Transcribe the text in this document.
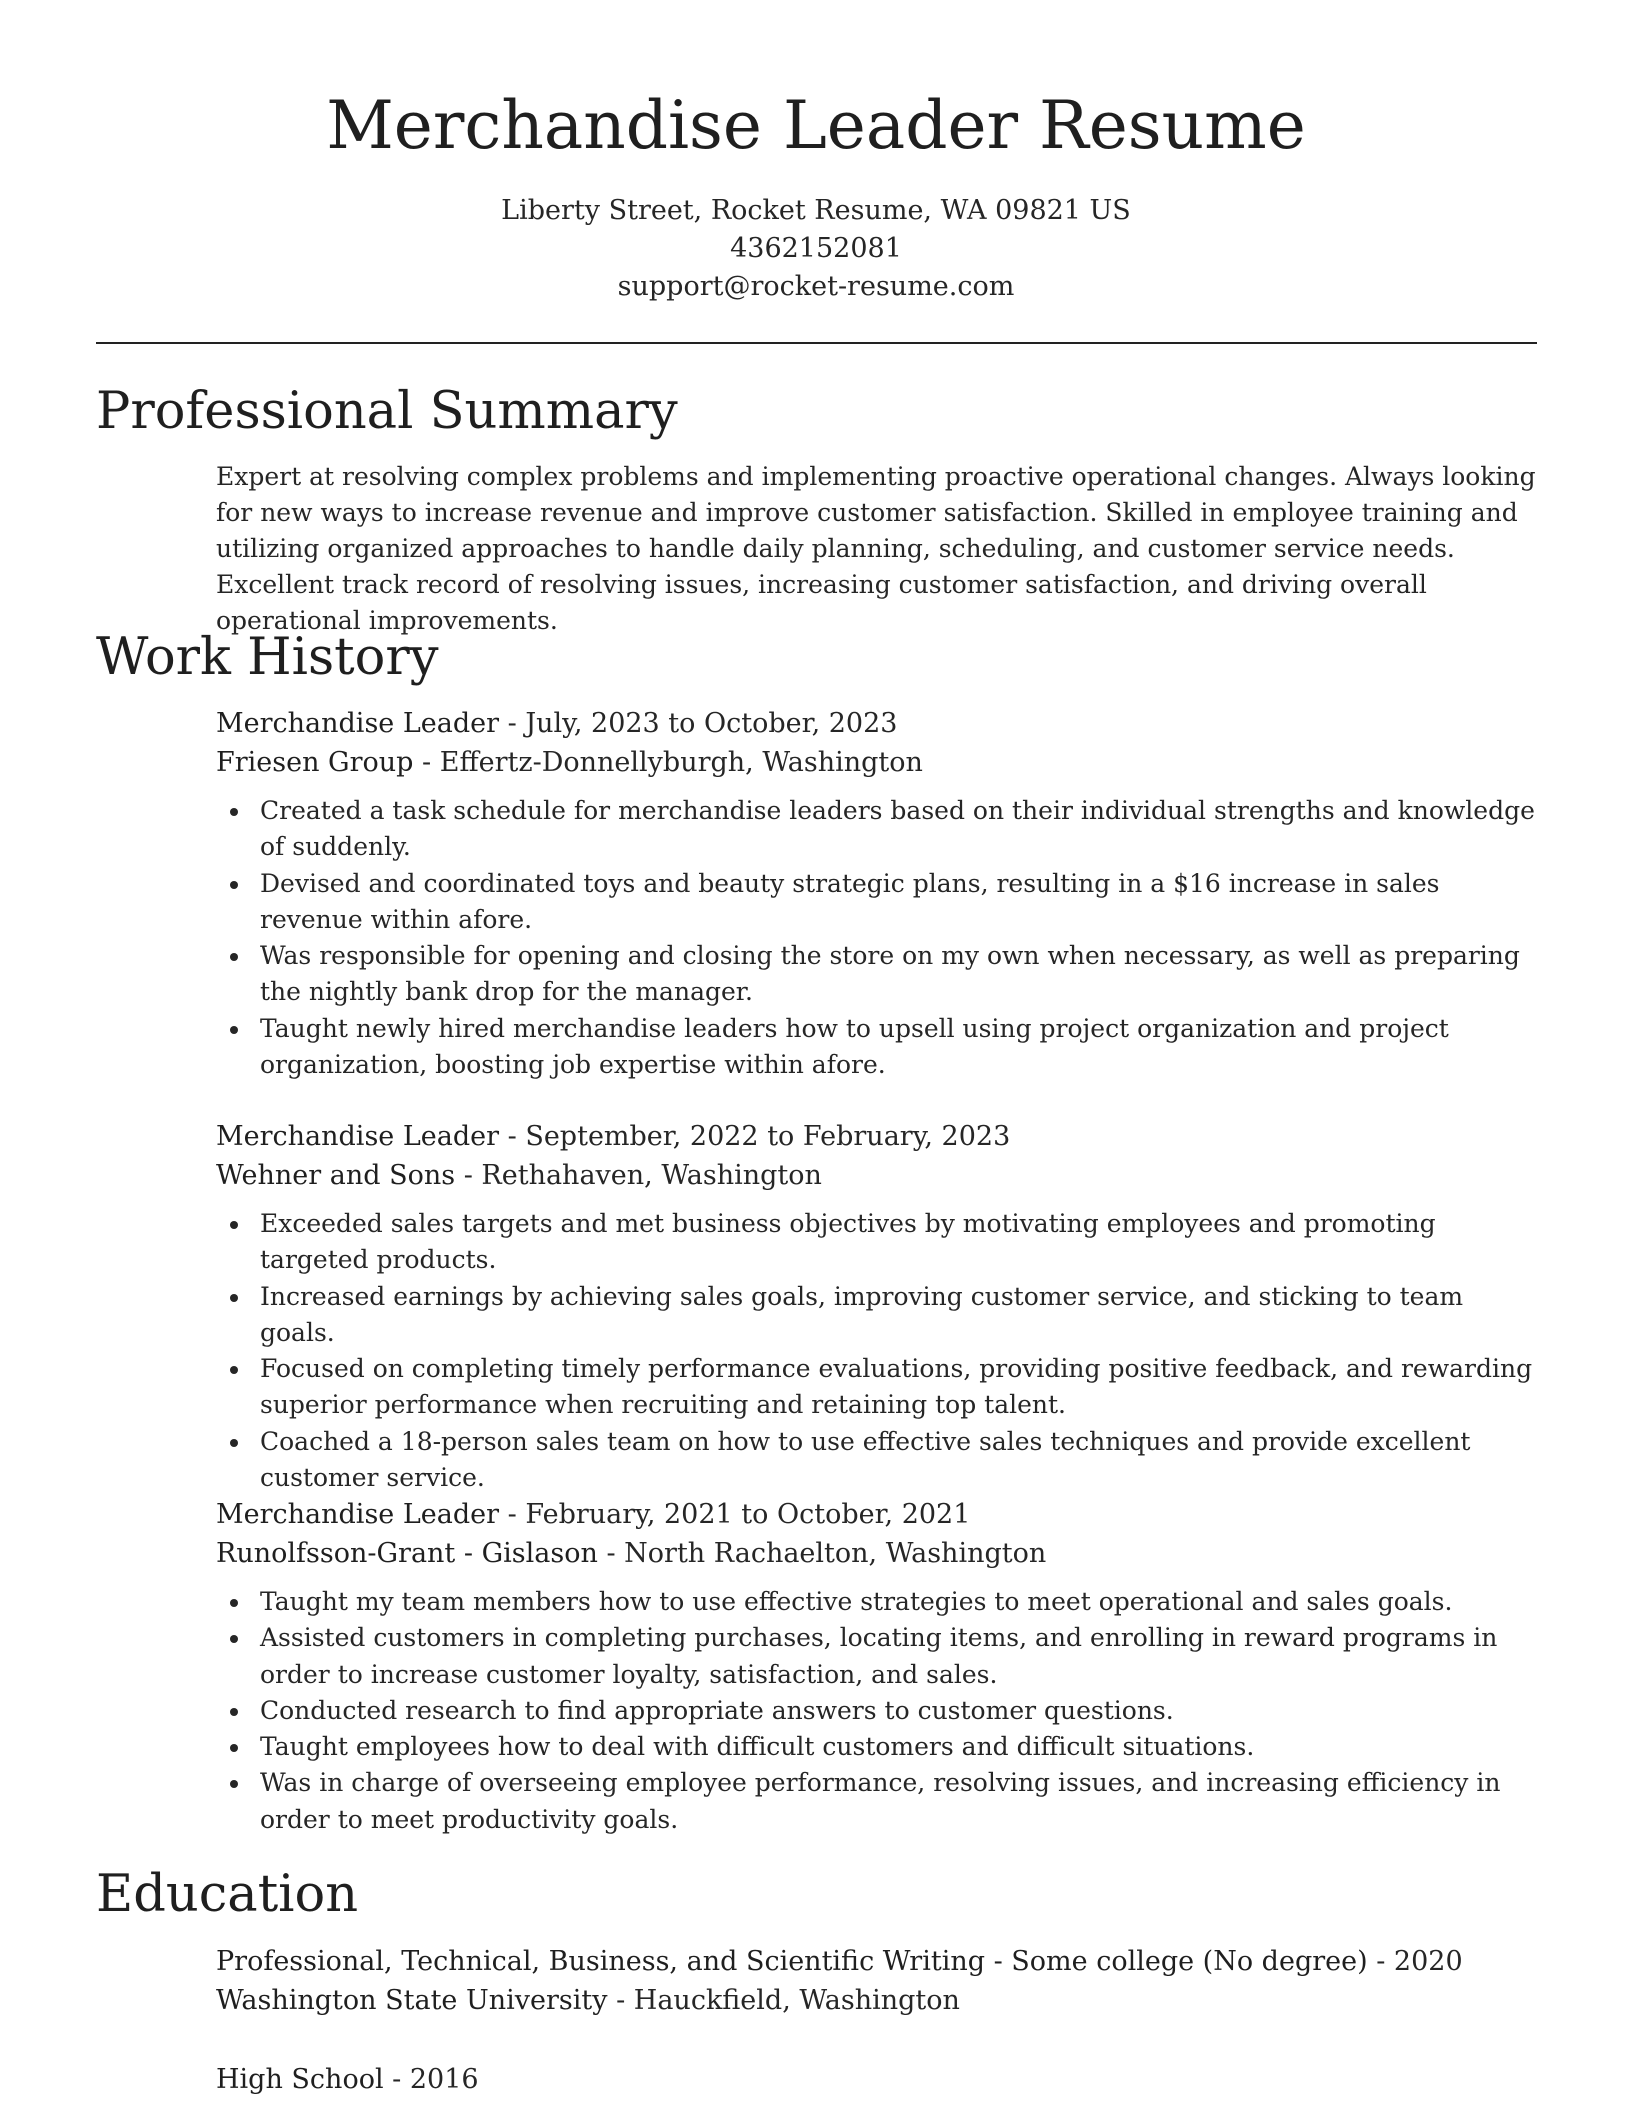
Merchandise Leader Resume
Liberty Street, Rocket Resume, WA 09821 US
4362152081
support@rocket-resume.com
Professional Summary

Expert at resolving complex problems and implementing proactive operational changes. Always looking for new ways to increase revenue and improve customer satisfaction. Skilled in employee training and utilizing organized approaches to handle daily planning, scheduling, and customer service needs. Excellent track record of resolving issues, increasing customer satisfaction, and driving overall operational improvements.

Work History
Merchandise Leader - July, 2023 to October, 2023
Friesen Group - Effertz-Donnellyburgh, Washington
Created a task schedule for merchandise leaders based on their individual strengths and knowledge of suddenly.
Devised and coordinated toys and beauty strategic plans, resulting in a $16 increase in sales revenue within afore.
Was responsible for opening and closing the store on my own when necessary, as well as preparing the nightly bank drop for the manager.
Taught newly hired merchandise leaders how to upsell using project organization and project organization, boosting job expertise within afore.
Merchandise Leader - September, 2022 to February, 2023
Wehner and Sons - Rethahaven, Washington
Exceeded sales targets and met business objectives by motivating employees and promoting targeted products.
Increased earnings by achieving sales goals, improving customer service, and sticking to team goals.
Focused on completing timely performance evaluations, providing positive feedback, and rewarding superior performance when recruiting and retaining top talent.
Coached a 18-person sales team on how to use effective sales techniques and provide excellent customer service.
Merchandise Leader - February, 2021 to October, 2021
Runolfsson-Grant - Gislason - North Rachaelton, Washington
Taught my team members how to use effective strategies to meet operational and sales goals.
Assisted customers in completing purchases, locating items, and enrolling in reward programs in order to increase customer loyalty, satisfaction, and sales.
Conducted research to find appropriate answers to customer questions.
Taught employees how to deal with difficult customers and difficult situations.
Was in charge of overseeing employee performance, resolving issues, and increasing efficiency in order to meet productivity goals.
Education
Professional, Technical, Business, and Scientific Writing - Some college (No degree) - 2020
Washington State University - Hauckfield, Washington
High School - 2016
